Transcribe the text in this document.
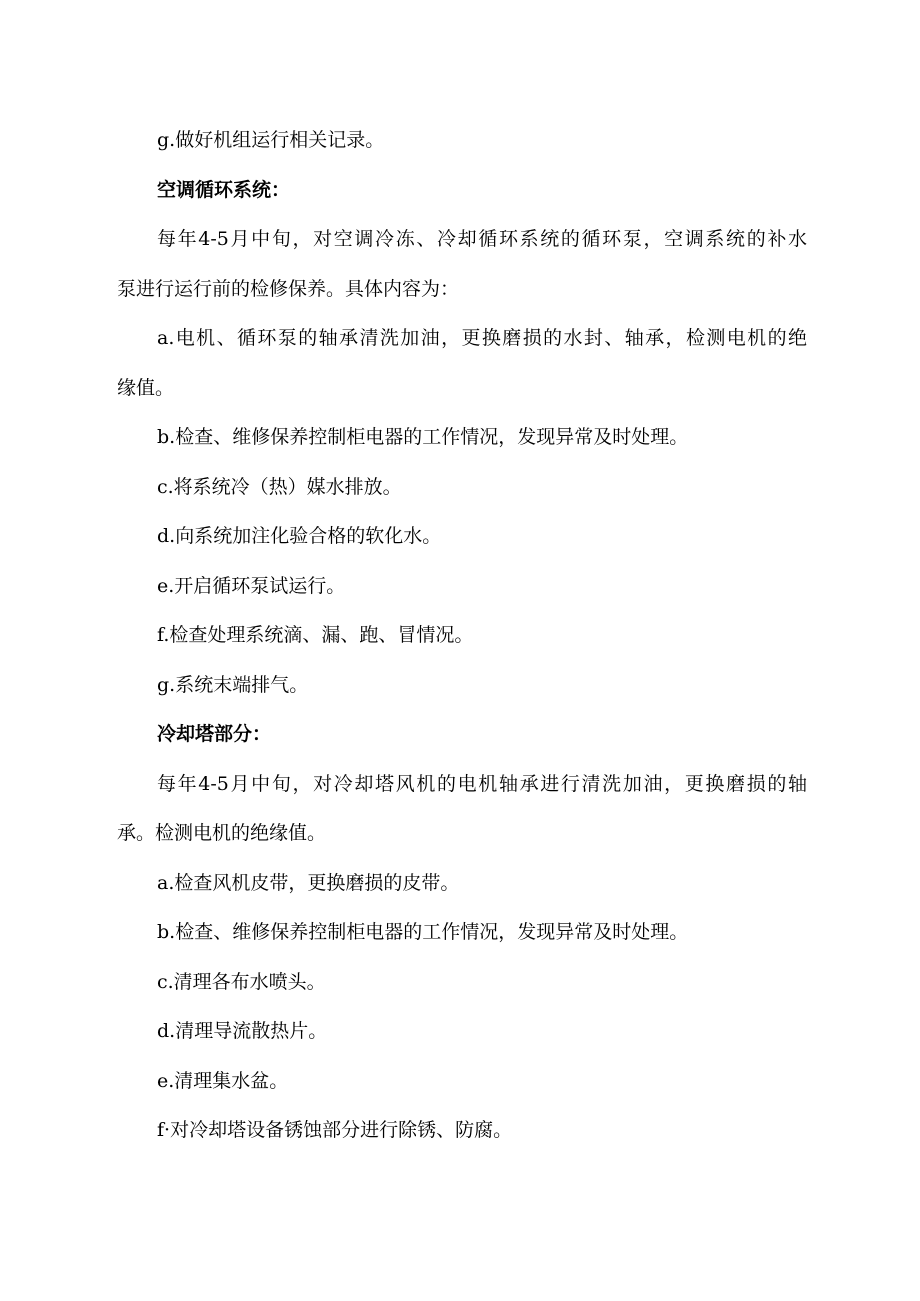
g.做好机组运行相关记录。
空调循环系统：
每年4-5月中旬，对空调冷冻、冷却循环系统的循环泵，空调系统的补水
泵进行运行前的检修保养。具体内容为：
a.电机、循环泵的轴承清洗加油，更换磨损的水封、轴承，检测电机的绝
缘值。
b.检查、维修保养控制柜电器的工作情况，发现异常及时处理。
c.将系统冷（热）媒水排放。
d.向系统加注化验合格的软化水。
e.开启循环泵试运行。
f.检查处理系统滴、漏、跑、冒情况。
g.系统末端排气。
冷却塔部分：
每年4-5月中旬，对冷却塔风机的电机轴承进行清洗加油，更换磨损的轴
承。检测电机的绝缘值。
a.检查风机皮带，更换磨损的皮带。
b.检查、维修保养控制柜电器的工作情况，发现异常及时处理。
c.清理各布水喷头。
d.清理导流散热片。
e.清理集水盆。
f·对冷却塔设备锈蚀部分进行除锈、防腐。
